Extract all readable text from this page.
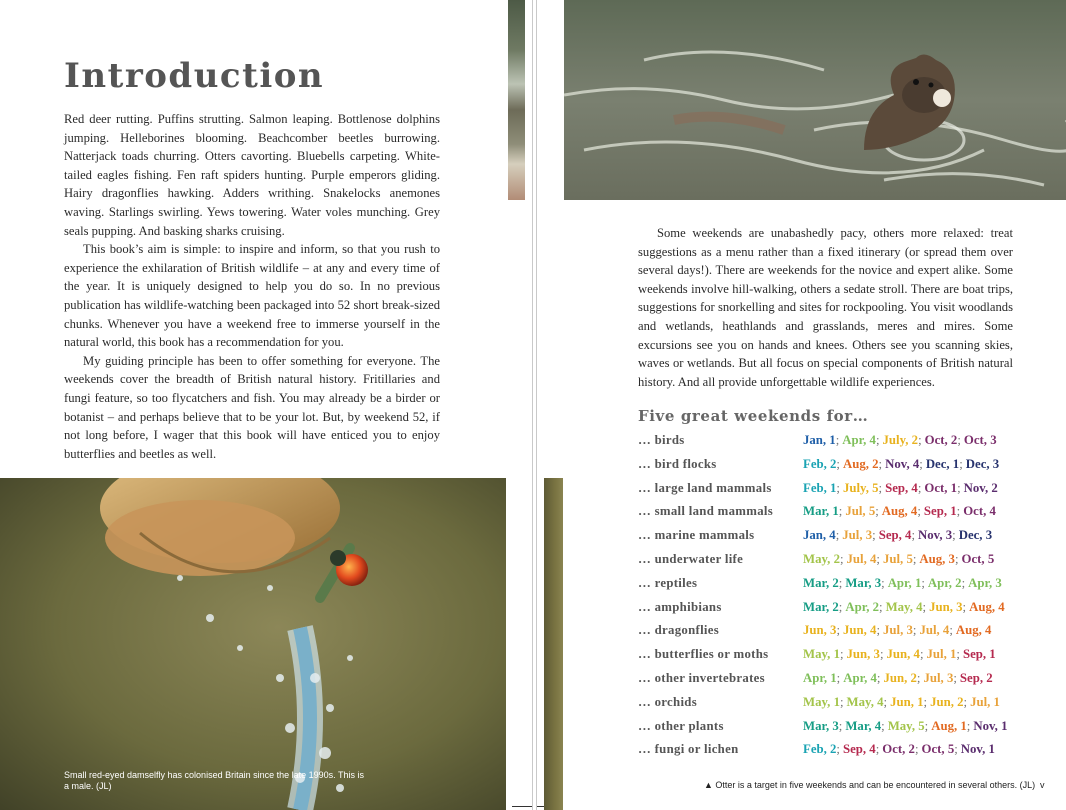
Introduction

Red deer rutting. Puffins strutting. Salmon leaping. Bottlenose dolphins jumping. Helleborines blooming. Beachcomber beetles burrowing. Natterjack toads churring. Otters cavorting. Bluebells carpeting. White-tailed eagles fishing. Fen raft spiders hunting. Purple emperors gliding. Hairy dragonflies hawking. Adders writhing. Snakelocks anemones waving. Starlings swirling. Yews towering. Water voles munching. Grey seals pupping. And basking sharks cruising.

This book’s aim is simple: to inspire and inform, so that you rush to experience the exhilaration of British wildlife – at any and every time of the year. It is uniquely designed to help you do so. In no previous publication has wildlife-watching been packaged into 52 short break-sized chunks. Whenever you have a weekend free to immerse yourself in the natural world, this book has a recommendation for you.

My guiding principle has been to offer something for everyone. The weekends cover the breadth of British natural history. Fritillaries and fungi feature, so too flycatchers and fish. You may already be a birder or botanist – and perhaps believe that to be your lot. But, by weekend 52, if not long before, I wager that this book will have enticed you to enjoy butterflies and beetles as well.

Small red-eyed damselfly has colonised Britain since the late 1990s. This is a male. (JL)

Some weekends are unabashedly pacy, others more relaxed: treat suggestions as a menu rather than a fixed itinerary (or spread them over several days!). There are weekends for the novice and expert alike. Some weekends involve hill-walking, others a sedate stroll. There are boat trips, suggestions for snorkelling and sites for rockpooling. You visit woodlands and wetlands, heathlands and grasslands, meres and mires. Some excursions see you on hands and knees. Others see you scanning skies, waves or wetlands. But all focus on special components of British natural history. And all provide unforgettable wildlife experiences.

Five great weekends for…
… birds	Jan, 1; Apr, 4; July, 2; Oct, 2; Oct, 3
… bird flocks	Feb, 2; Aug, 2; Nov, 4; Dec, 1; Dec, 3
… large land mammals Feb, 1; July, 5; Sep, 4; Oct, 1; Nov, 2
… small land mammals Mar, 1; Jul, 5; Aug, 4; Sep, 1; Oct, 4
… marine mammals	Jan, 4; Jul, 3; Sep, 4; Nov, 3; Dec, 3
… underwater life	May, 2; Jul, 4; Jul, 5; Aug, 3; Oct, 5
… reptiles	Mar, 2; Mar, 3; Apr, 1; Apr, 2; Apr, 3
… amphibians	Mar, 2; Apr, 2; May, 4; Jun, 3; Aug, 4
… dragonflies	Jun, 3; Jun, 4; Jul, 3; Jul, 4; Aug, 4
… butterflies or moths	May, 1; Jun, 3; Jun, 4; Jul, 1; Sep, 1
… other invertebrates	Apr, 1; Apr, 4; Jun, 2; Jul, 3; Sep, 2
… orchids	May, 1; May, 4; Jun, 1; Jun, 2; Jul, 1
… other plants	Mar, 3; Mar, 4; May, 5; Aug, 1; Nov, 1
… fungi or lichen	Feb, 2; Sep, 4; Oct, 2; Oct, 5; Nov, 1
▲ Otter is a target in five weekends and can be encountered in several others. (JL) v
